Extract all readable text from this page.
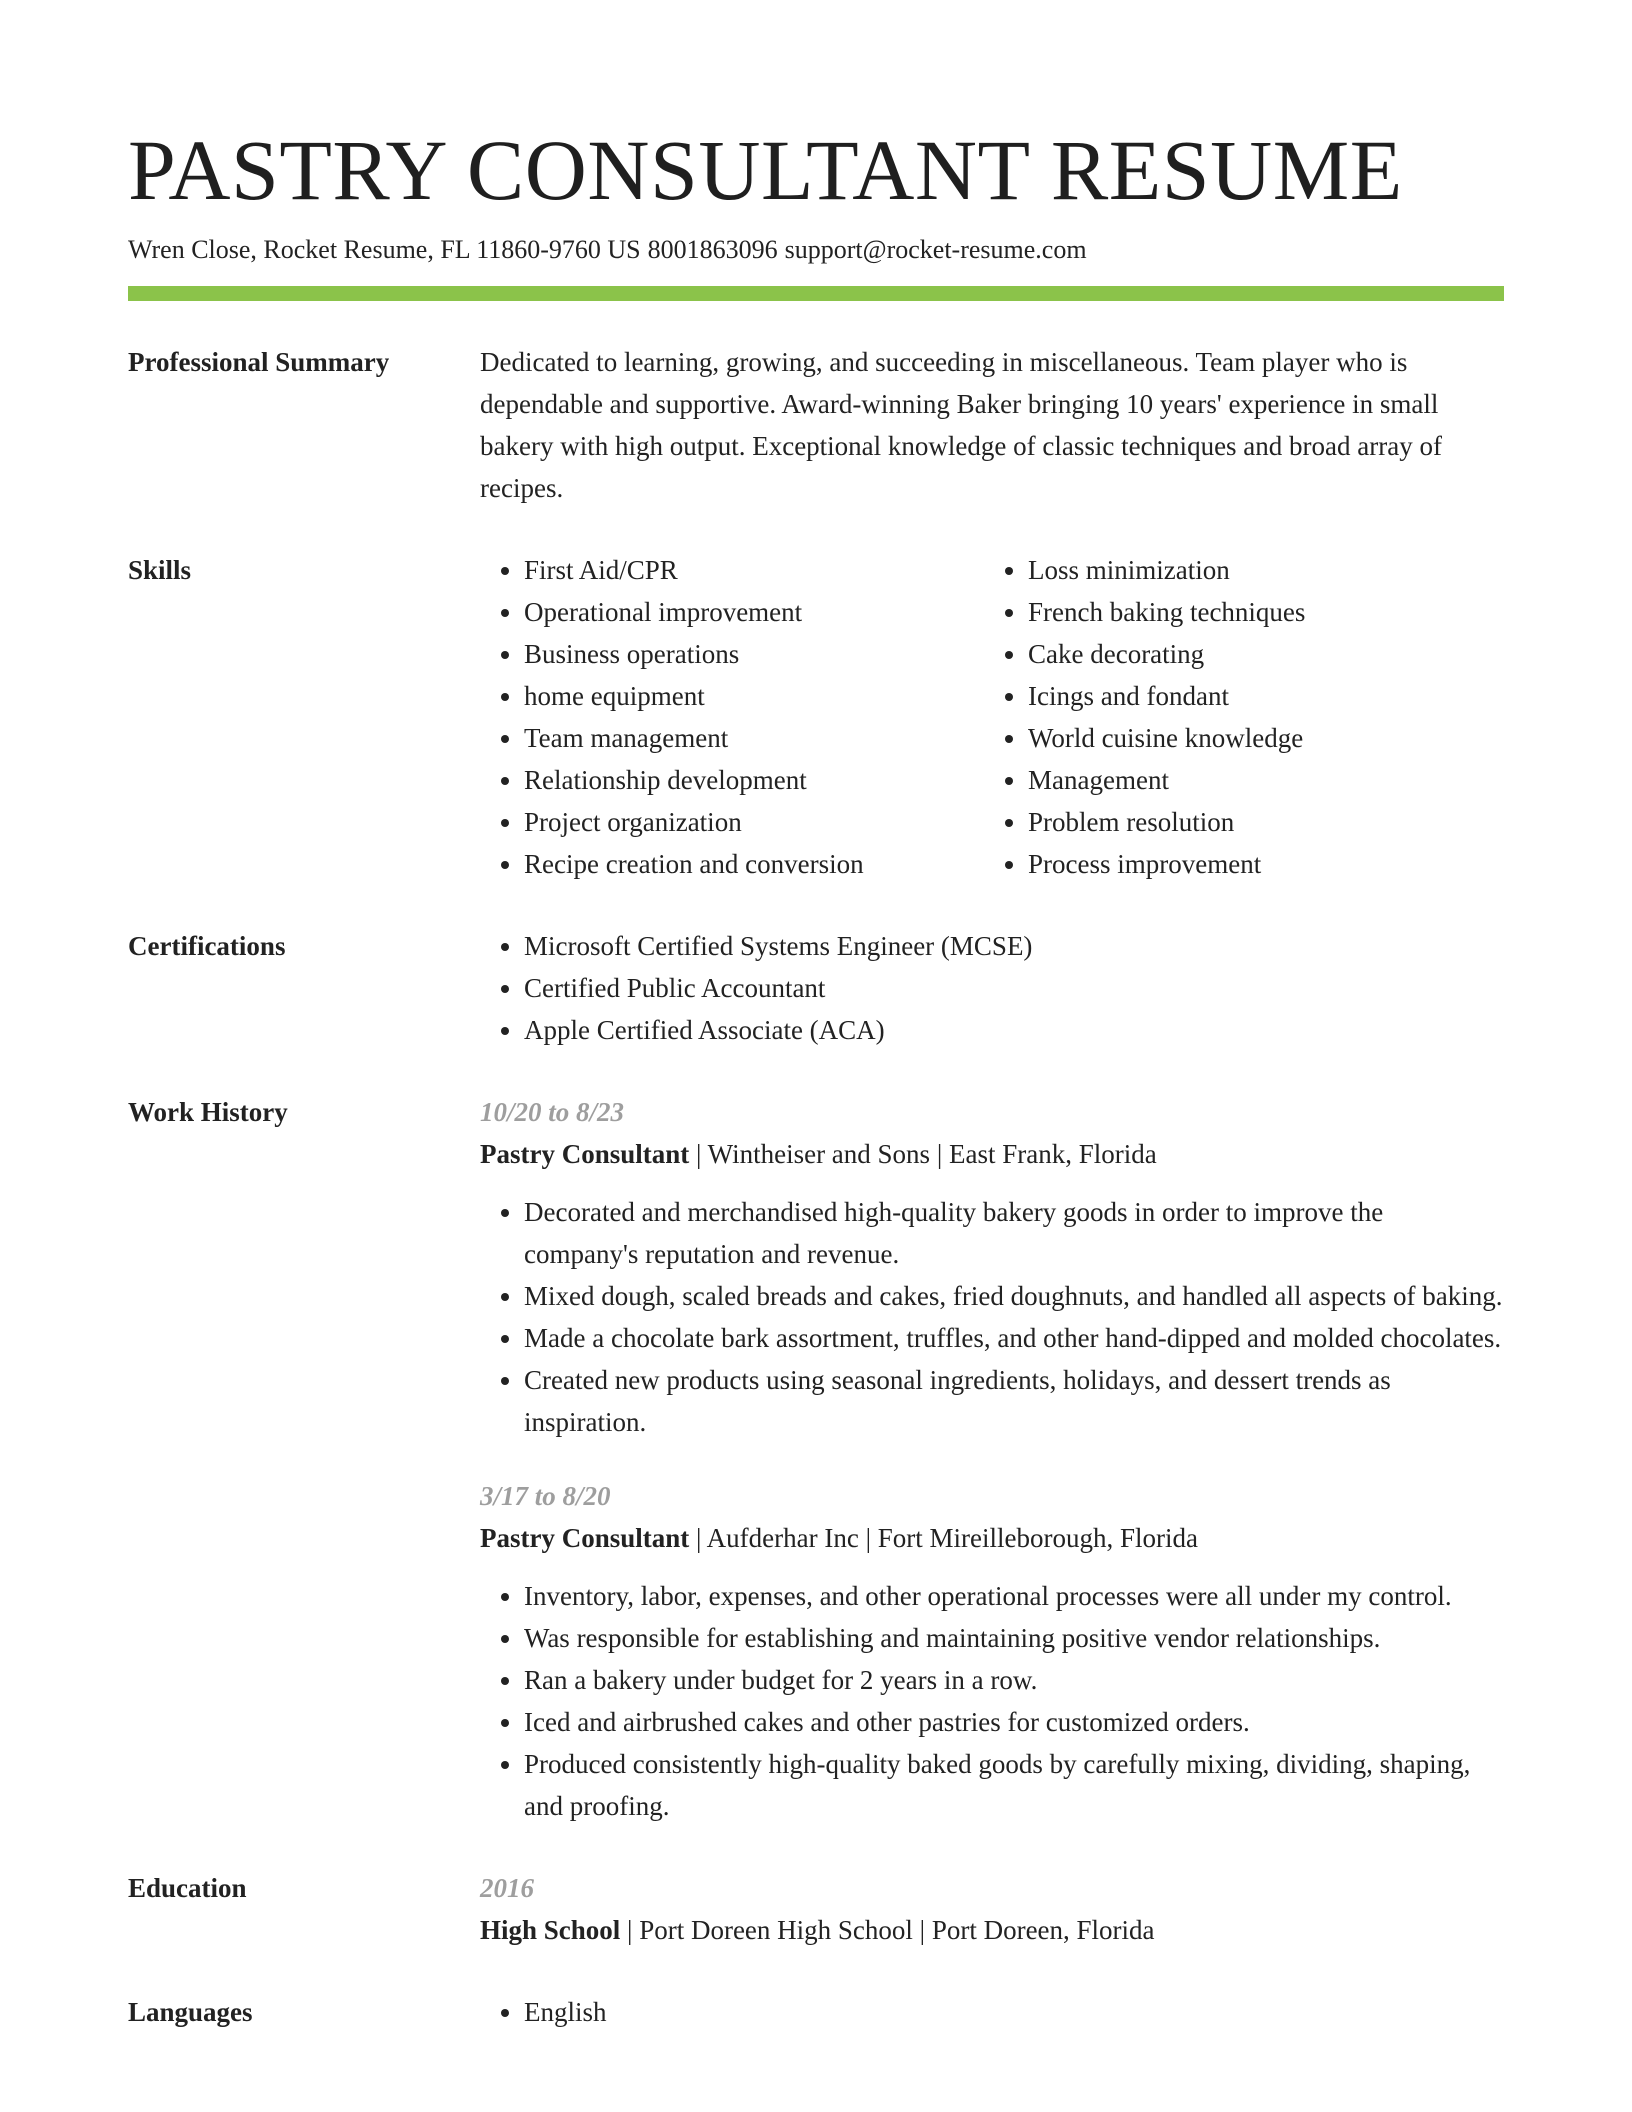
PASTRY CONSULTANT RESUME
Wren Close, Rocket Resume, FL 11860-9760 US 8001863096 support@rocket-resume.com
Professional Summary	Dedicated to learning, growing, and succeeding in miscellaneous. Team player who is dependable and supportive. Award-winning Baker bringing 10 years' experience in small bakery with high output. Exceptional knowledge of classic techniques and broad array of recipes.

Skills	• First Aid/CPR
• Operational improvement
• Business operations
• home equipment
• Team management
• Relationship development
• Project organization
• Recipe creation and conversion
• Loss minimization
• French baking techniques
• Cake decorating
• Icings and fondant
• World cuisine knowledge
• Management
• Problem resolution
• Process improvement
Certifications	• Microsoft Certified Systems Engineer (MCSE)
• Certified Public Accountant
• Apple Certified Associate (ACA)
Work History	10/20 to 8/23
Pastry Consultant | Wintheiser and Sons | East Frank, Florida
• Decorated and merchandised high-quality bakery goods in order to improve the company's reputation and revenue.
• Mixed dough, scaled breads and cakes, fried doughnuts, and handled all aspects of baking.
• Made a chocolate bark assortment, truffles, and other hand-dipped and molded chocolates.
• Created new products using seasonal ingredients, holidays, and dessert trends as inspiration.
3/17 to 8/20
Pastry Consultant | Aufderhar Inc | Fort Mireilleborough, Florida
• Inventory, labor, expenses, and other operational processes were all under my control.
• Was responsible for establishing and maintaining positive vendor relationships.
• Ran a bakery under budget for 2 years in a row.
• Iced and airbrushed cakes and other pastries for customized orders.
• Produced consistently high-quality baked goods by carefully mixing, dividing, shaping, and proofing.
Education	2016
High School | Port Doreen High School | Port Doreen, Florida
Languages	• English
